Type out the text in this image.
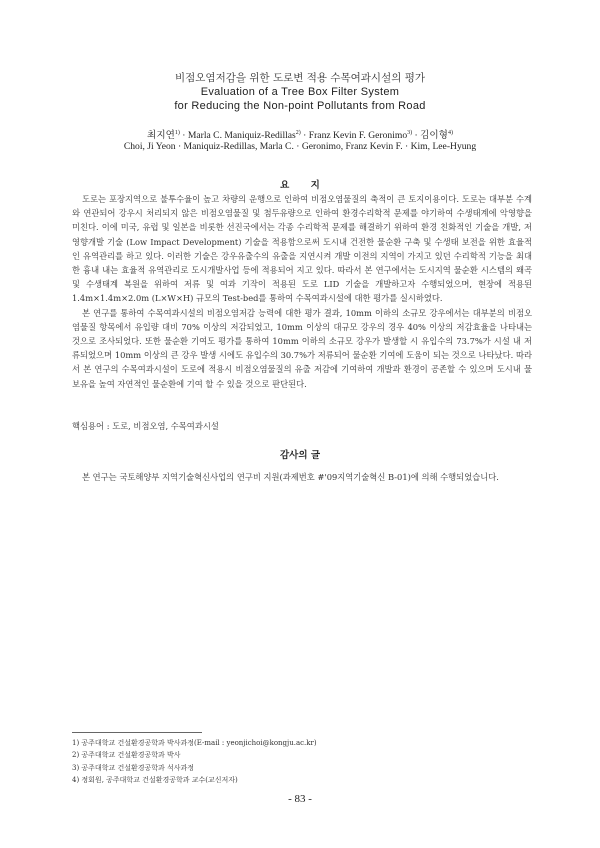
비점오염저감을 위한 도로변 적용 수목여과시설의 평가
Evaluation of a Tree Box Filter System
for Reducing the Non-point Pollutants from Road
최지연$^{1)}$ · Marla C. Maniquiz-Redillas$^{2)}$ · Franz Kevin F. Geronimo$^{3)}$ · 김이형$^{4)}$
Choi, Ji Yeon · Maniquiz-Redillas, Marla C. · Geronimo, Franz Kevin F. · Kim, Lee-Hyung
요 지

도로는 포장지역으로 불투수율이 높고 차량의 운행으로 인하여 비점오염물질의 축적이 큰 토지이용이다. 도로는 대부분 수계와 연관되어 강우시 처리되지 않은 비점오염물질 및 첨두유량으로 인하여 환경수리학적 문제를 야기하여 수생태계에 악영향을 미친다. 이에 미국, 유럽 및 일본을 비롯한 선진국에서는 각종 수리학적 문제를 해결하기 위하여 환경 친화적인 기술을 개발, 저영향개발 기술 (Low Impact Development) 기술을 적용함으로써 도시내 건전한 물순환 구축 및 수생태 보전을 위한 효율적인 유역관리를 하고 있다. 이러한 기술은 강우유출수의 유출을 지연시켜 개발 이전의 지역이 가지고 있던 수리학적 기능을 최대한 흉내 내는 효율적 유역관리로 도시개발사업 등에 적용되어 지고 있다. 따라서 본 연구에서는 도시지역 물순환 시스템의 왜곡 및 수생태계 복원을 위하여 저류 및 여과 기작이 적용된 도로 LID 기술을 개발하고자 수행되었으며, 현장에 적용된 1.4m×1.4m×2.0m (L×W×H) 규모의 Test-bed를 통하여 수목여과시설에 대한 평가를 실시하였다.

본 연구를 통하여 수목여과시설의 비점오염저감 능력에 대한 평가 결과, 10mm 이하의 소규모 강우에서는 대부분의 비점오염물질 항목에서 유입량 대비 70% 이상의 저감되었고, 10mm 이상의 대규모 강우의 경우 40% 이상의 저감효율을 나타내는 것으로 조사되었다. 또한 물순환 기여도 평가를 통하여 10mm 이하의 소규모 강우가 발생할 시 유입수의 73.7%가 시설 내 저류되었으며 10mm 이상의 큰 강우 발생 시에도 유입수의 30.7%가 저류되어 물순환 기여에 도움이 되는 것으로 나타났다. 따라서 본 연구의 수목여과시설이 도로에 적용시 비점오염물질의 유출 저감에 기여하여 개발과 환경이 공존할 수 있으며 도시내 물 보유을 높여 자연적인 물순환에 기여 할 수 있을 것으로 판단된다.

핵심용어 : 도로, 비점오염, 수목여과시설
감사의 글
본 연구는 국토해양부 지역기술혁신사업의 연구비 지원(과제번호 #'09지역기술혁신 B-01)에 의해 수행되었습니다.
1) 공주대학교 건설환경공학과 박사과정(E-mail : yeonjichoi@kongju.ac.kr)
2) 공주대학교 건설환경공학과 박사
3) 공주대학교 건설환경공학과 석사과정
4) 정회원, 공주대학교 건설환경공학과 교수(교신저자)
- 83 -
